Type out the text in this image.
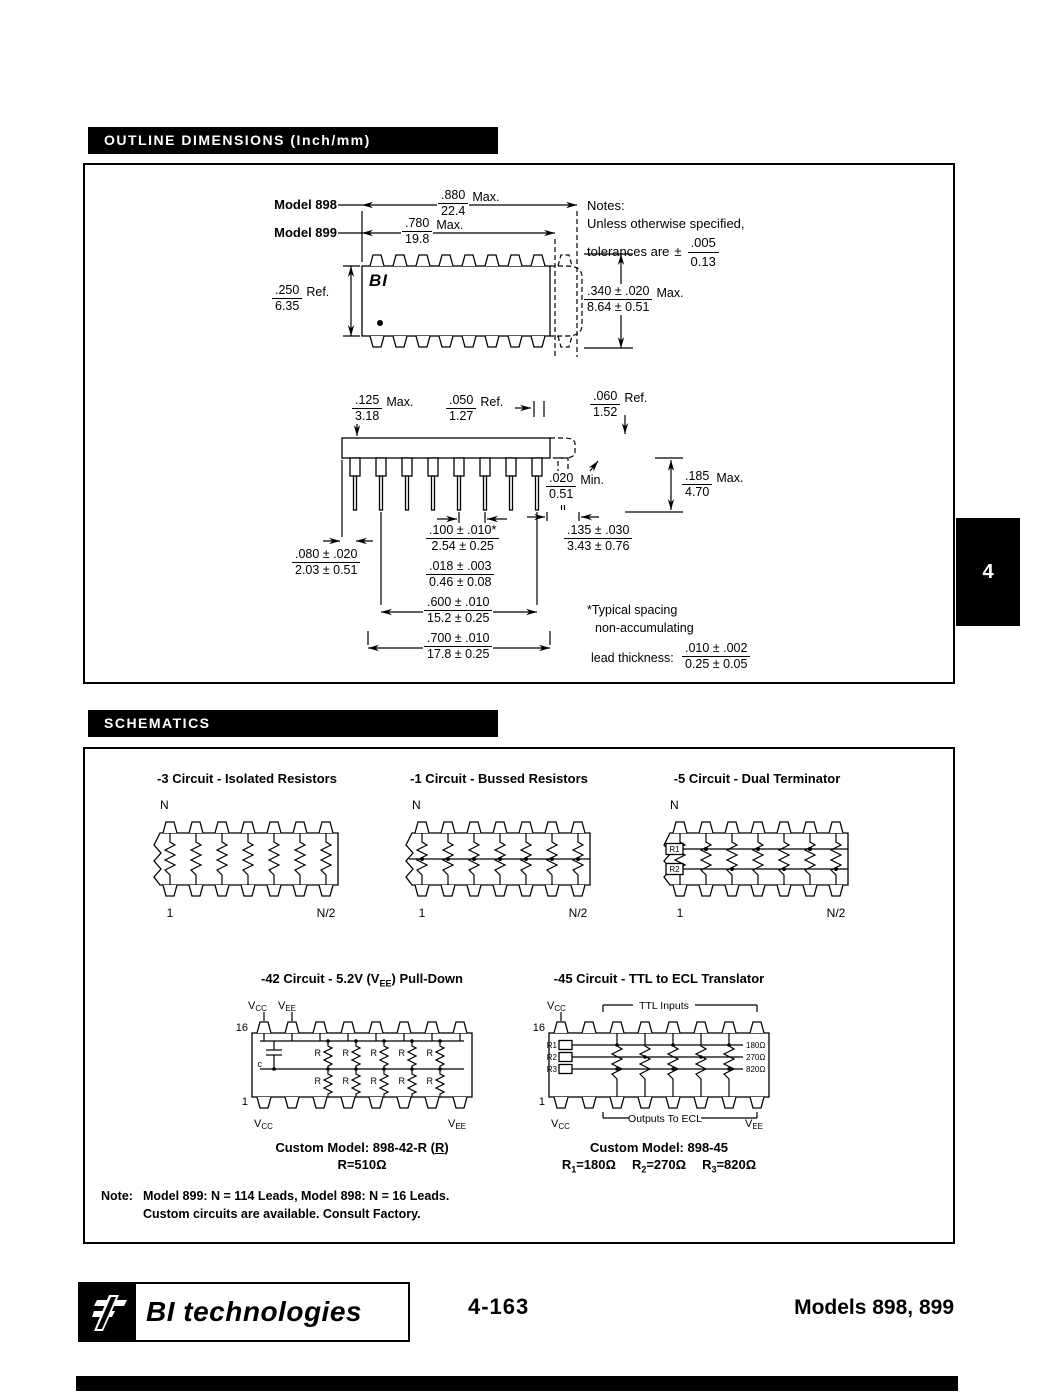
OUTLINE DIMENSIONS (Inch/mm)
Model 898
Model 899
$\frac{.880}{22.4}$ Max.
$\frac{.780}{19.8}$ Max.
Notes:
Unless otherwise specified,
tolerances are ± $\frac{.005}{0.13}$
BI
$\frac{.250}{6.35}$ Ref.	$\frac{.340 \pm .020}{8.64 \pm 0.51}$ Max.
$\frac{.125}{3.18}$ Max.	$\frac{.050}{1.27}$ Ref.	$\frac{.060}{1.52}$ Ref.
$\frac{.020}{0.51}$ Min.	$\frac{.185}{4.70}$ Max.
$\frac{.100 \pm .010*}{2.54 \pm 0.25}$
$\frac{.018 \pm .003}{0.46 \pm 0.08}$
$\frac{.600 \pm .010}{15.2 \pm 0.25}$
$\frac{.700 \pm .010}{17.8 \pm 0.25}$
$\frac{.080 \pm .020}{2.03 \pm 0.51}$
$\frac{.135 \pm .030}{3.43 \pm 0.76}$
*Typical spacing
non-accumulating
lead thickness: $\frac{.010 \pm .002}{0.25 \pm 0.05}$
4
SCHEMATICS
-3 Circuit - Isolated Resistors
N
1	N/2
-1 Circuit - Bussed Resistors
N
1	N/2
-5 Circuit - Dual Terminator
N
R1
R2
1	N/2
-42 Circuit - 5.2V $(V_{EE})$ Pull-Down
VCC VEE
16
c
R R R R R
R R R R R
1
VCC	VEE
Custom Model: 898-42-R (R)
R=510Ω
-45 Circuit - TTL to ECL Translator
VCC	TTL Inputs
16
R1
R2
R3
180Ω
270Ω
820Ω
1
VCC
Outputs To ECL	VEE
Custom Model: 898-45
$R_1=180\Omega$ $R_2=270\Omega$ $R_3=820\Omega$
Note: Model 899: N = 114 Leads, Model 898: N = 16 Leads.
Custom circuits are available. Consult Factory.
BI technologies	4-163	Models 898, 899
